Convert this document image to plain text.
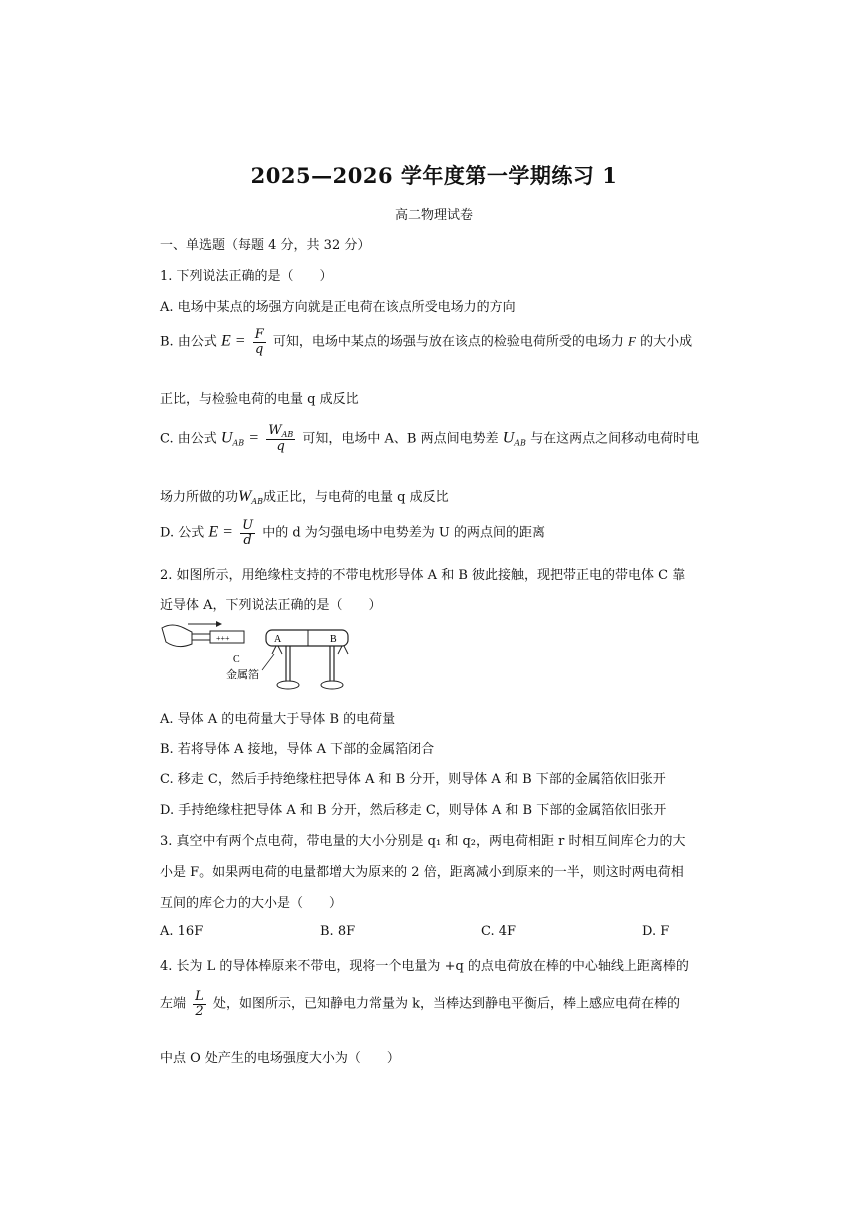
2025—2026 学年度第一学期练习 1
高二物理试卷
一、单选题（每题 4 分，共 32 分）
1. 下列说法正确的是（　　）
A. 电场中某点的场强方向就是正电荷在该点所受电场力的方向
B. 由公式 $E = \frac{F}{q}$ 可知，电场中某点的场强与放在该点的检验电荷所受的电场力 F 的大小成
正比，与检验电荷的电量 q 成反比
C. 由公式 $U_{AB} = \frac{W_{AB}}{q}$ 可知，电场中 A、B 两点间电势差 $U_{AB}$ 与在这两点之间移动电荷时电
场力所做的功$W_{AB}$成正比，与电荷的电量 q 成反比
D. 公式 $E = \frac{U}{d}$ 中的 d 为匀强电场中电势差为 U 的两点间的距离
2. 如图所示，用绝缘柱支持的不带电枕形导体 A 和 B 彼此接触，现把带正电的带电体 C 靠
近导体 A，下列说法正确的是（　　）
+++
C
A	B
金属箔
A. 导体 A 的电荷量大于导体 B 的电荷量
B. 若将导体 A 接地，导体 A 下部的金属箔闭合
C. 移走 C，然后手持绝缘柱把导体 A 和 B 分开，则导体 A 和 B 下部的金属箔依旧张开
D. 手持绝缘柱把导体 A 和 B 分开，然后移走 C，则导体 A 和 B 下部的金属箔依旧张开
3. 真空中有两个点电荷，带电量的大小分别是 q₁ 和 q₂，两电荷相距 r 时相互间库仑力的大
小是 F。如果两电荷的电量都增大为原来的 2 倍，距离减小到原来的一半，则这时两电荷相
互间的库仑力的大小是（　　）
A. 16F	B. 8F	C. 4F	D. F
4. 长为 L 的导体棒原来不带电，现将一个电量为 +q 的点电荷放在棒的中心轴线上距离棒的
左端 $\frac{L}{2}$ 处，如图所示，已知静电力常量为 k，当棒达到静电平衡后，棒上感应电荷在棒的
中点 O 处产生的电场强度大小为（　　）
